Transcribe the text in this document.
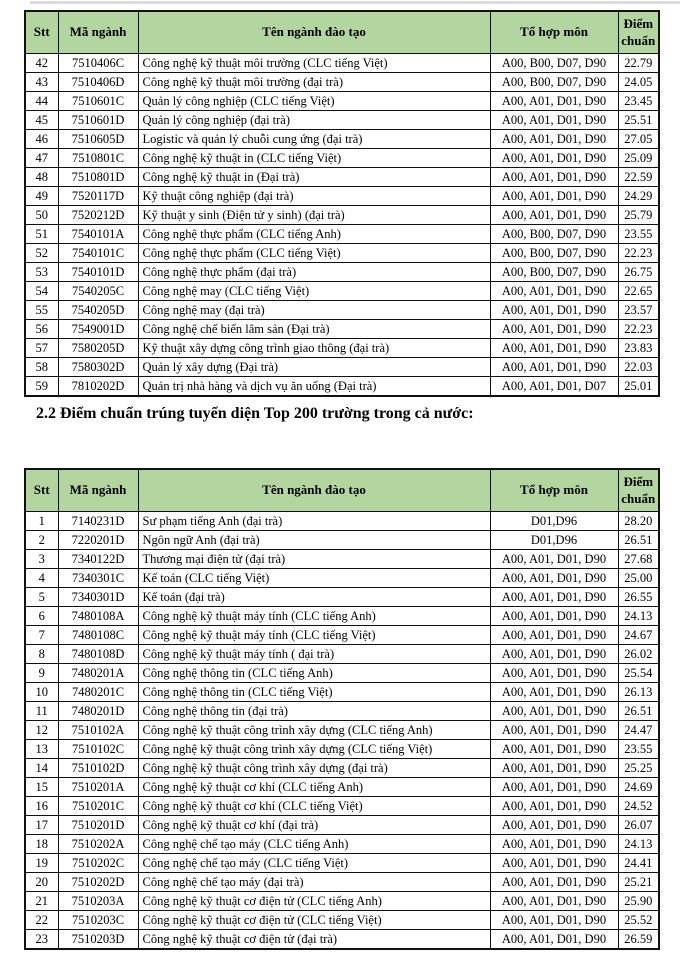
Stt	Mã ngành	Tên ngành đào tạo	Tổ hợp môn	Điểm chuẩn
42	7510406C	Công nghệ kỹ thuật môi trường (CLC tiếng Việt)	A00, B00, D07, D90	22.79
43	7510406D	Công nghệ kỹ thuật môi trường (đại trà)	A00, B00, D07, D90	24.05
44	7510601C	Quản lý công nghiệp (CLC tiếng Việt)	A00, A01, D01, D90	23.45
45	7510601D	Quản lý công nghiệp (đại trà)	A00, A01, D01, D90	25.51
46	7510605D	Logistic và quản lý chuỗi cung ứng (đại trà)	A00, A01, D01, D90	27.05
47	7510801C	Công nghệ kỹ thuật in (CLC tiếng Việt)	A00, A01, D01, D90	25.09
48	7510801D	Công nghệ kỹ thuật in (Đại trà)	A00, A01, D01, D90	22.59
49	7520117D	Kỹ thuật công nghiệp (đại trà)	A00, A01, D01, D90	24.29
50	7520212D	Kỹ thuật y sinh (Điện tử y sinh) (đại trà)	A00, A01, D01, D90	25.79
51	7540101A	Công nghệ thực phẩm (CLC tiếng Anh)	A00, B00, D07, D90	23.55
52	7540101C	Công nghệ thực phẩm (CLC tiếng Việt)	A00, B00, D07, D90	22.23
53	7540101D	Công nghệ thực phẩm (đại trà)	A00, B00, D07, D90	26.75
54	7540205C	Công nghệ may (CLC tiếng Việt)	A00, A01, D01, D90	22.65
55	7540205D	Công nghệ may (đại trà)	A00, A01, D01, D90	23.57
56	7549001D	Công nghệ chế biến lâm sản (Đại trà)	A00, A01, D01, D90	22.23
57	7580205D	Kỹ thuật xây dựng công trình giao thông (đại trà)	A00, A01, D01, D90	23.83
58	7580302D	Quản lý xây dựng (Đại trà)	A00, A01, D01, D90	22.03
59	7810202D	Quản trị nhà hàng và dịch vụ ăn uống (Đại trà)	A00, A01, D01, D07	25.01
2.2 Điểm chuẩn trúng tuyển diện Top 200 trường trong cả nước:
Stt	Mã ngành	Tên ngành đào tạo	Tổ hợp môn	Điểm chuẩn
1	7140231D	Sư phạm tiếng Anh (đại trà)	D01,D96	28.20
2	7220201D	Ngôn ngữ Anh (đại trà)	D01,D96	26.51
3	7340122D	Thương mại điện tử (đại trà)	A00, A01, D01, D90	27.68
4	7340301C	Kế toán (CLC tiếng Việt)	A00, A01, D01, D90	25.00
5	7340301D	Kế toán (đại trà)	A00, A01, D01, D90	26.55
6	7480108A	Công nghệ kỹ thuật máy tính (CLC tiếng Anh)	A00, A01, D01, D90	24.13
7	7480108C	Công nghệ kỹ thuật máy tính (CLC tiếng Việt)	A00, A01, D01, D90	24.67
8	7480108D	Công nghệ kỹ thuật máy tính ( đại trà)	A00, A01, D01, D90	26.02
9	7480201A	Công nghệ thông tin (CLC tiếng Anh)	A00, A01, D01, D90	25.54
10	7480201C	Công nghệ thông tin (CLC tiếng Việt)	A00, A01, D01, D90	26.13
11	7480201D	Công nghệ thông tin (đại trà)	A00, A01, D01, D90	26.51
12	7510102A	Công nghệ kỹ thuật công trình xây dựng (CLC tiếng Anh)	A00, A01, D01, D90	24.47
13	7510102C	Công nghệ kỹ thuật công trình xây dựng (CLC tiếng Việt)	A00, A01, D01, D90	23.55
14	7510102D	Công nghệ kỹ thuật công trình xây dựng (đại trà)	A00, A01, D01, D90	25.25
15	7510201A	Công nghệ kỹ thuật cơ khí (CLC tiếng Anh)	A00, A01, D01, D90	24.69
16	7510201C	Công nghệ kỹ thuật cơ khí (CLC tiếng Việt)	A00, A01, D01, D90	24.52
17	7510201D	Công nghệ kỹ thuật cơ khí (đại trà)	A00, A01, D01, D90	26.07
18	7510202A	Công nghệ chế tạo máy (CLC tiếng Anh)	A00, A01, D01, D90	24.13
19	7510202C	Công nghệ chế tạo máy (CLC tiếng Việt)	A00, A01, D01, D90	24.41
20	7510202D	Công nghệ chế tạo máy (đại trà)	A00, A01, D01, D90	25.21
21	7510203A	Công nghệ kỹ thuật cơ điện tử (CLC tiếng Anh)	A00, A01, D01, D90	25.90
22	7510203C	Công nghệ kỹ thuật cơ điện tử (CLC tiếng Việt)	A00, A01, D01, D90	25.52
23	7510203D	Công nghệ kỹ thuật cơ điện tử (đại trà)	A00, A01, D01, D90	26.59
